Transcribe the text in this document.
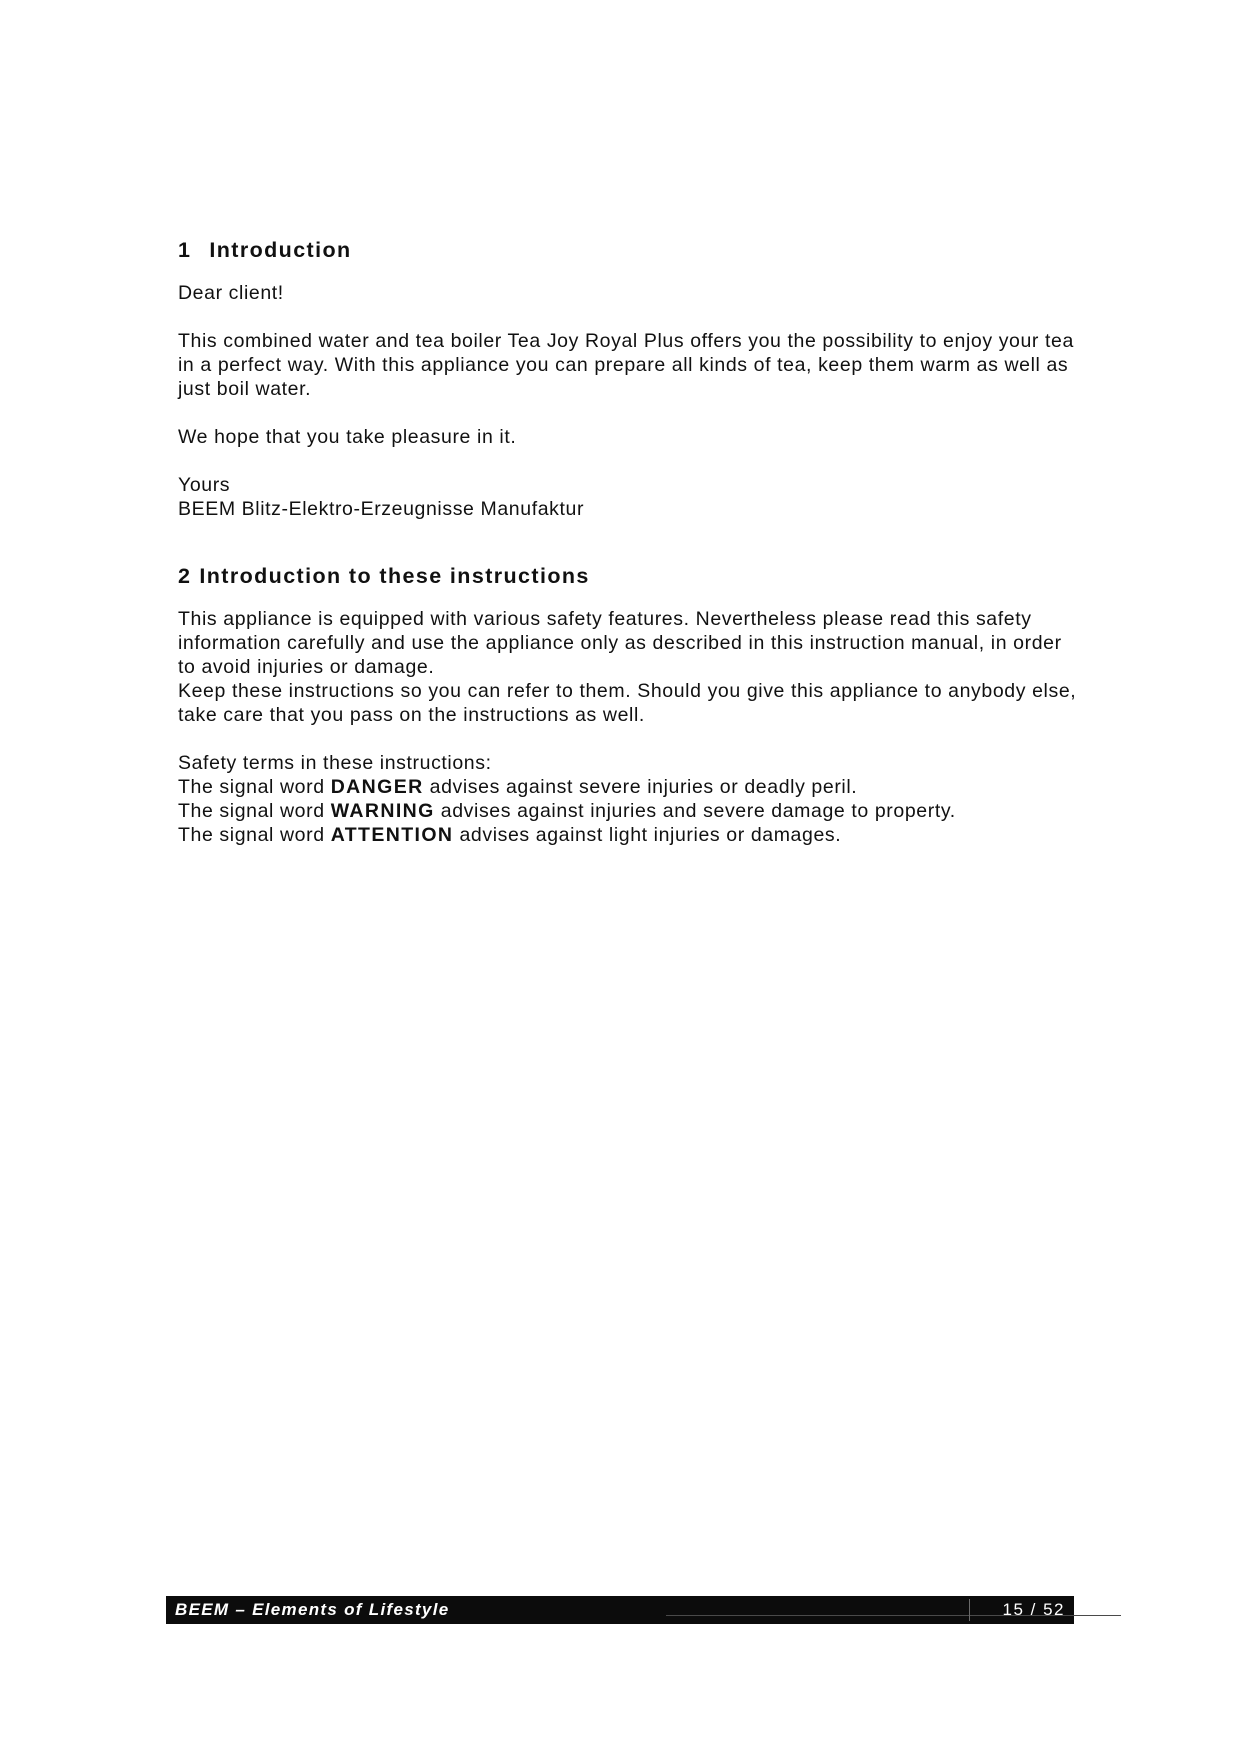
1 Introduction

Dear client!

This combined water and tea boiler Tea Joy Royal Plus offers you the possibility to enjoy your tea in a perfect way. With this appliance you can prepare all kinds of tea, keep them warm as well as just boil water.

We hope that you take pleasure in it.

Yours

BEEM Blitz-Elektro-Erzeugnisse Manufaktur

2 Introduction to these instructions

This appliance is equipped with various safety features. Nevertheless please read this safety information carefully and use the appliance only as described in this instruction manual, in order to avoid injuries or damage.

Keep these instructions so you can refer to them. Should you give this appliance to anybody else, take care that you pass on the instructions as well.

Safety terms in these instructions:

The signal word DANGER advises against severe injuries or deadly peril.

The signal word WARNING advises against injuries and severe damage to property.

The signal word ATTENTION advises against light injuries or damages.

BEEM – Elements of Lifestyle	15 / 52
